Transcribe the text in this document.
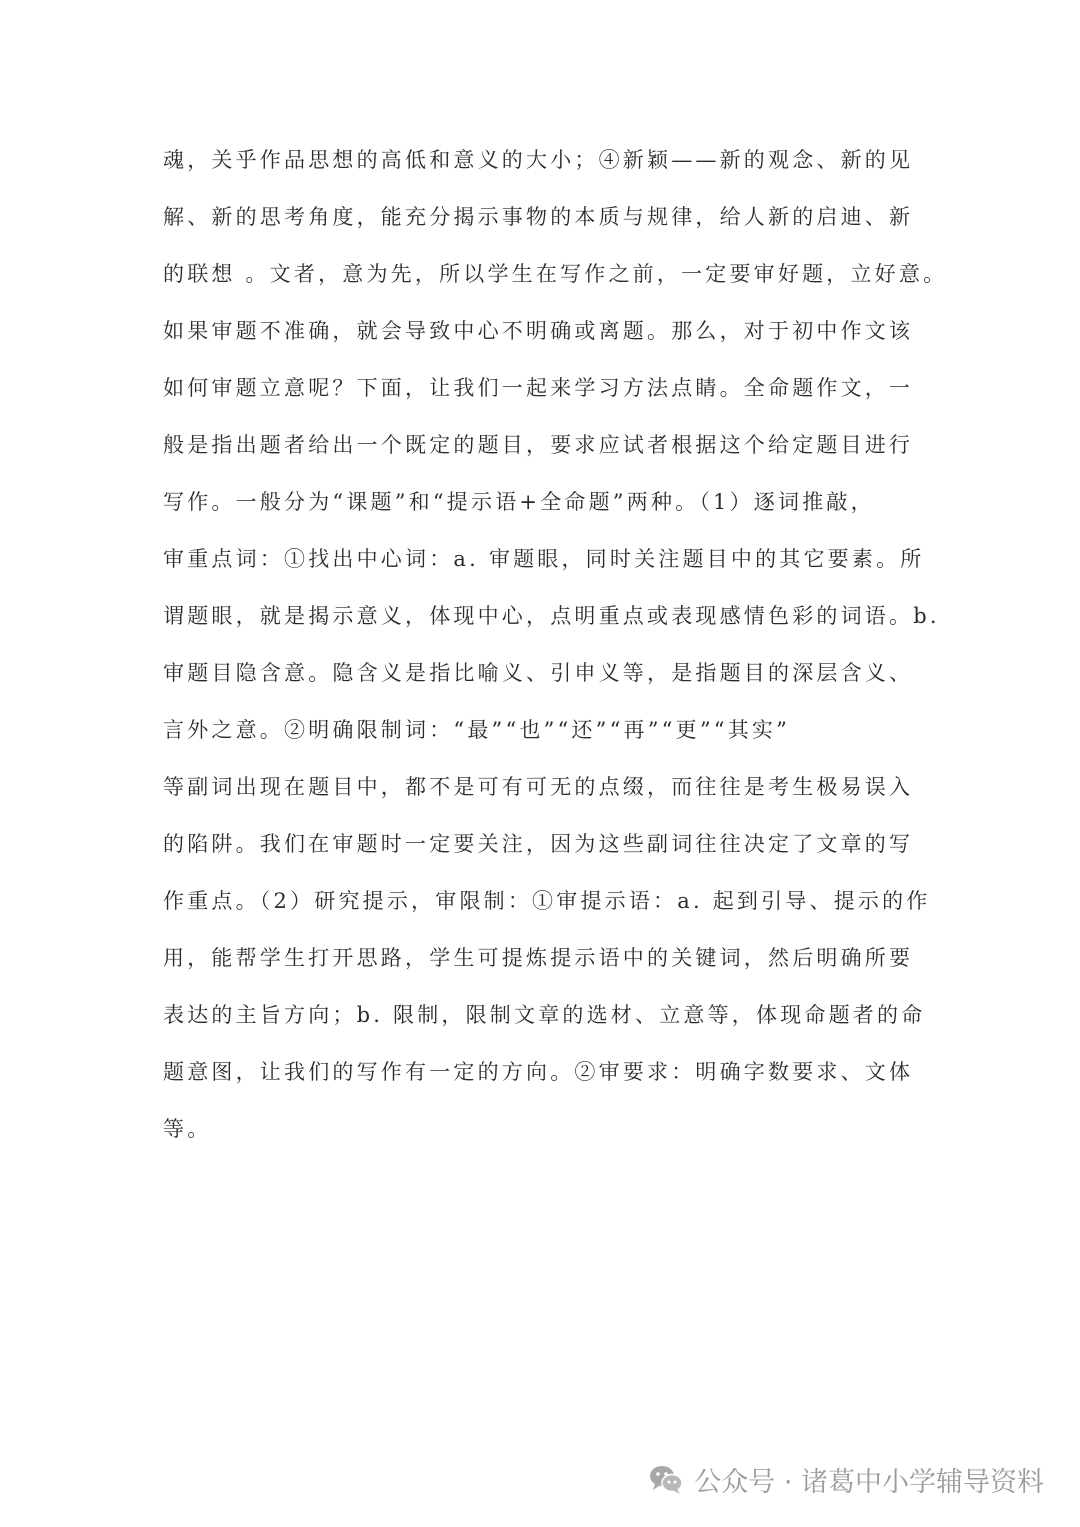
魂，关乎作品思想的高低和意义的大小；④新颖——新的观念、新的见
解、新的思考角度，能充分揭示事物的本质与规律，给人新的启迪、新
的联想 。文者，意为先，所以学生在写作之前，一定要审好题，立好意。
如果审题不准确，就会导致中心不明确或离题。那么，对于初中作文该
如何审题立意呢？下面，让我们一起来学习方法点睛。全命题作文，一
般是指出题者给出一个既定的题目，要求应试者根据这个给定题目进行
写作。一般分为“课题”和“提示语+全命题”两种。（1）逐词推敲，
审重点词：①找出中心词：a. 审题眼，同时关注题目中的其它要素。所
谓题眼，就是揭示意义，体现中心，点明重点或表现感情色彩的词语。b.
审题目隐含意。隐含义是指比喻义、引申义等，是指题目的深层含义、
言外之意。②明确限制词：“最”“也”“还”“再”“更”“其实”
等副词出现在题目中，都不是可有可无的点缀，而往往是考生极易误入
的陷阱。我们在审题时一定要关注，因为这些副词往往决定了文章的写
作重点。（2）研究提示，审限制：①审提示语：a. 起到引导、提示的作
用，能帮学生打开思路，学生可提炼提示语中的关键词，然后明确所要
表达的主旨方向；b. 限制，限制文章的选材、立意等，体现命题者的命
题意图，让我们的写作有一定的方向。②审要求：明确字数要求、文体
等。
公众号 · 诸葛中小学辅导资料
